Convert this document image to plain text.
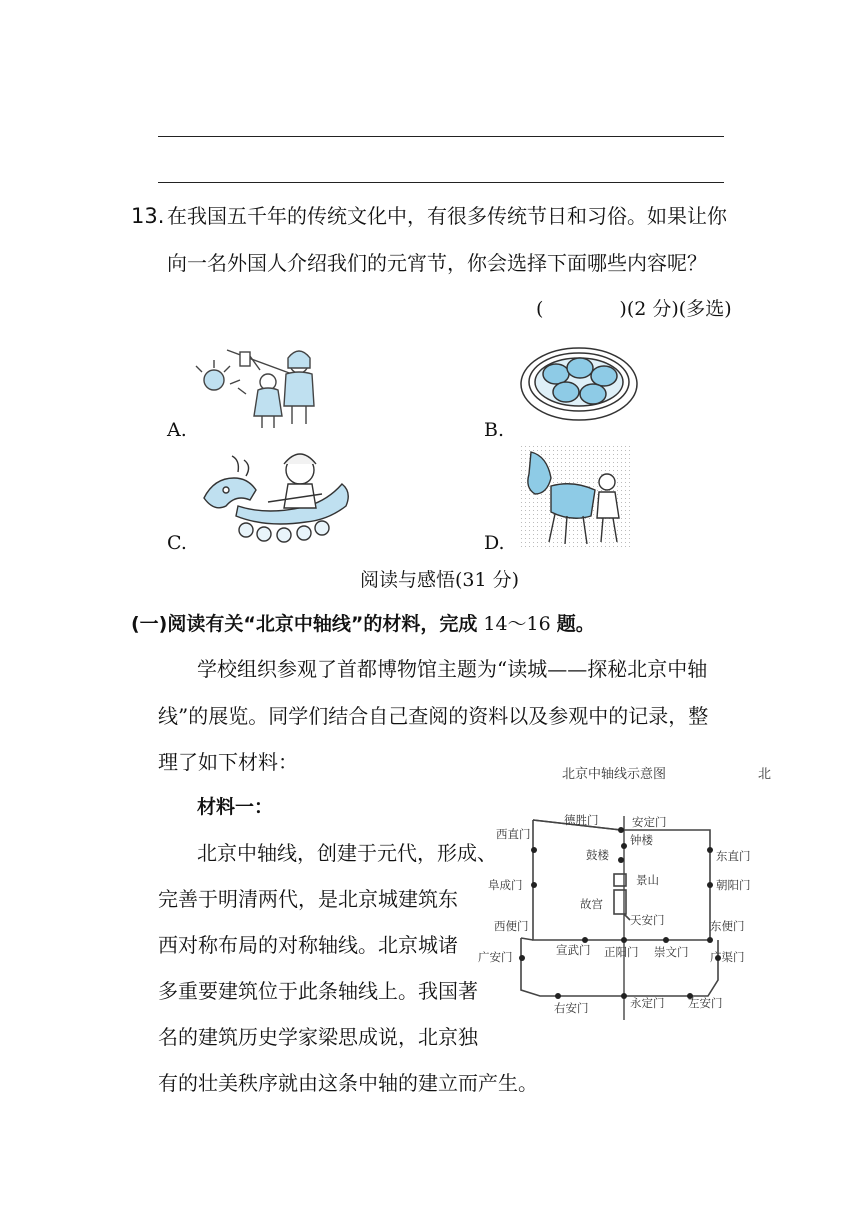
13. 在我国五千年的传统文化中，有很多传统节日和习俗。如果让你
向一名外国人介绍我们的元宵节，你会选择下面哪些内容呢？
(　　　　)(2 分)(多选)
A.	B.
C.	D.
阅读与感悟(31 分)
(一)阅读有关“北京中轴线”的材料，完成 14～16 题。
学校组织参观了首都博物馆主题为“读城——探秘北京中轴
线”的展览。同学们结合自己查阅的资料以及参观中的记录，整
理了如下材料：
材料一：
北京中轴线，创建于元代，形成、
完善于明清两代，是北京城建筑东
西对称布局的对称轴线。北京城诸
多重要建筑位于此条轴线上。我国著
名的建筑历史学家梁思成说，北京独
有的壮美秩序就由这条中轴的建立而产生。
北京中轴线示意图	北
德胜门	安定门
西直门	钟楼
鼓楼	东直门
景山
阜成门	朝阳门
故宫
天安门
西便门	东便门
广安门	宣武门 正阳门 崇文门 广渠门
右安门	永定门 左安门
